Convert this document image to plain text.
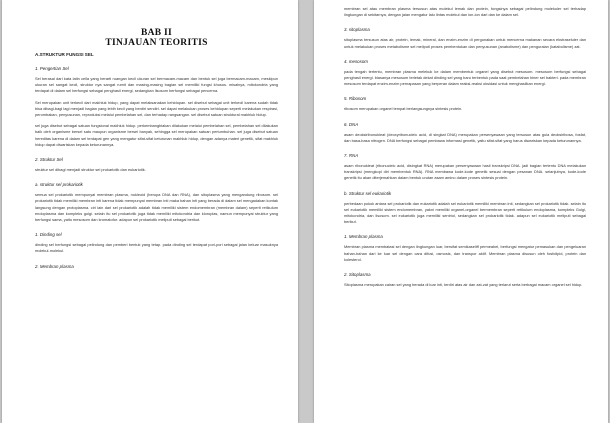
BAB II
TINJAUAN TEORITIS
A.STRUKTUR FUNGSI SEL
1. Pengertian Sel
Sel berasal dari kata latin cella yang berarti ruangan kecil ukuran sel bermacam-macam dan bentuk sel juga bermacam-macam, meskipun ukuran sel sangat kecil, struktur nya sangat rumit dan masing-masing bagian sel memiliki fungsi khusus. misalnya, mitokondria yang terdapat di dalam sel berfungsi sebagai penghasil energi, sedangkan lisosom berfungsi sebagai pencerna.
Sel merupakan unit terkecil dari makhluk hidup, yang dapat melaksanakan kehidupan. sel disebut sebagai unit terkecil karena sudah tidak bisa dibagi-bagi lagi menjadi bagian yang lebih kecil yang berdiri sendiri. sel dapat melakukan proses kehidupan seperti melakukan respirasi, perombakan, penyusunan, reproduksi melalui pembelahan sel, dan terhadap rangsangan. sel disebut satuan struktural makhluk hidup.
sel juga disebut sebagai satuan fungsional makhluk hidup. perkembangbiakan dilakukan melalui pembelahan sel, pembelahan sel dilakukan baik oleh organisme bersel satu maupun organisme bersel banyak, sehingga sel merupakan satuan pertumbuhan. sel juga disebut satuan hereditas karena di dalam sel terdapat gen yang mengatur sifat-sifat keturunan makhluk hidup, dengan adanya materi genetik, sifat makhluk hidup dapat diwariskan kepada keturunannya.
2. Struktur Sel
struktur sel dibagi menjadi struktur sel prokariotik dan eukariotik.
a. struktur sel prokariotik
semua sel prokariotik mempunyai membran plasma, nukleoid (berupa DNA dan RNA), dan sitoplasma yang mengandung ribosom. sel prokariotik tidak memiliki membran inti karena tidak mempunyai membran inti maka bahan inti yang berada di dalam sel mengadakan kontak langsung dengan protoplasma. ciri lain dari sel prokariotik adalah tidak memiliki sistem endomembran (membran dalam) seperti retikulum endoplasma dan kompleks golgi. selain itu sel prokariotik juga tidak memiliki mitokondria dan kloroplas, namun mempunyai struktur yang berfungsi sama, yaitu mesosom dan kromatofor. adapun sel prokariotik meliputi sebagai berikut.
1. Dinding sel
dinding sel berfungsi sebagai pelindung dan pemberi bentuk yang tetap. pada dinding sel terdapat pori-pori sebagai jalan keluar masuknya molekul-molekul.
2. Membran plasma
membran sel atau membran plasma tersusun atas molekul lemak dan protein, fungsinya sebagai pelindung molekuler sel terhadap lingkungan di sekitarnya, dengan jalan mengatur lalu lintas molekul dan ion-ion dari dan ke dalam sel.
3. sitoplasma
sitoplasma tersusun atas air, protein, lemak, mineral, dan enzim-enzim di pergunakan untuk mencerna makanan secara ekstraseluler dan untuk melakukan proses metabolisme sel meliputi proses pembentukan dan penyusunan (anabolisme) dan penguraian (katabolisme) zat.
4. mesosom
pada tengah tertentu, membran plasma melekuk ke dalam membentuk organel yang disebut mesosom. mesosom berfungsi sebagai penghasil energi. biasanya mesosom terletak dekat dinding sel yang baru terbentuk pada saat pembelahan biner sel bakteri. pada membran mesosom terdapat enzim-enzim pernapasan yang berperan dalam reaksi-reaksi oksidasi untuk menghasilkan energi.
5. Ribosom
ribosom merupakan organel tempat berlangsungnya sintesis protein.
6. DNA
asam deoksiribonukleat (deoxyribonucleic acid, di singkat DNA) merupakan persenyawaan yang tersusun atas gula deoksiribosa, fosfat, dan basa-basa nitrogen. DNA berfungsi sebagai pembawa informasi genetik, yaitu sifat-sifat yang harus diwariskan kepada keturunannya.
7. RNA
asam ribonukleat (ribonucleic acid, disingkat RNA) merupakan persenyawaan hasil transkripsi DNA. jadi bagian tertentu DNA melakukan transkripsi (mengkopi diri membentuk RNA). RNA membawa kode-kode genetik sesuai dengan pesanan DNA. selanjutnya, kode-kode genetik itu akan diterjemahkan dalam bentuk urutan asam amino dalam proses sintesis protein.
b. Struktur sel eukariotik
perbedaan pokok antara sel prokariotik dan eukariotik adalah sel eukariotik memiliki membran inti, sedangkan sel prokariotik tidak. selain itu sel eukariotik memiliki sistem endomembran, yakni memiliki organel-organel bermembran seperti retikulum endoplasma, kompleks Golgi, mitokondria, dan lisosom. sel eukariotik juga memiliki sentriol, sedangkan sel prokariotik tidak. adapun sel eukariotik meliputi sebagai berikut.
1. Membran plasma
Membran plasma membatasi sel dengan lingkungan luar, bersifat semikaseliff permeabel, berfungsi mengatur pemasukan dan pengeluaran bahan-bahan dari ke luar sel dengan cara difusi, osmosis, dan transpor aktif. Membran plasma disusun oleh fosfolipid, protein dan kolesterol.
2. Sitoplasma
Sitoplasma merupakan cairan sel yang berada di luar inti, terdiri atas air dan zat-zat yang terlarut serta berbagai macam organel sel hidup.
